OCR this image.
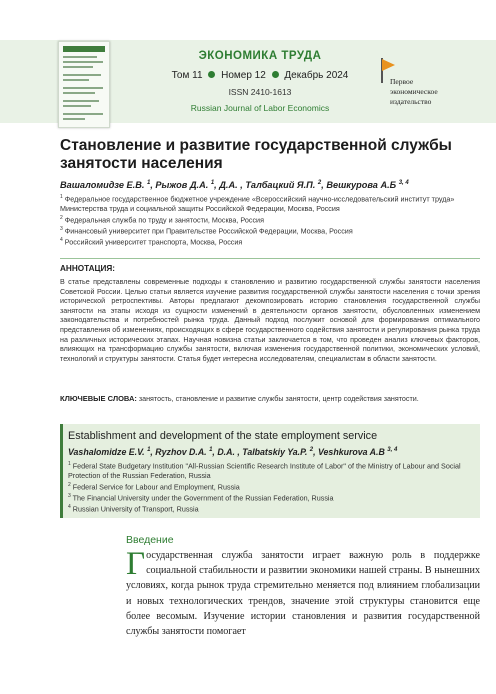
ЭКОНОМИКА ТРУДА
Том 11 Номер 12 Декабрь 2024
ISSN 2410-1613
Russian Journal of Labor Economics
Первое
экономическое
издательство
Становление и развитие государственной службы занятости населения
Вашаломидзе Е.В. $^1$, Рыжов Д.А. $^1$, Д.А. , Талбацкий Я.П. $^2$, Вешкурова А.Б $^{3, 4}$

$^1$ Федеральное государственное бюджетное учреждение «Всероссийский научно-исследовательский институт труда» Министерства труда и социальной защиты Российской Федерации, Москва, Россия

$^2$ Федеральная служба по труду и занятости, Москва, Россия

$^3$ Финансовый университет при Правительстве Российской Федерации, Москва, Россия

$^4$ Российский университет транспорта, Москва, Россия

АННОТАЦИЯ:

В статье представлены современные подходы к становлению и развитию государственной службы занятости населения Советской России. Целью статьи является изучение развития государственной службы занятости населения с точки зрения исторической ретроспективы. Авторы предлагают декомпозировать историю становления государственной службы занятости на этапы исходя из сущности изменений в деятельности органов занятости, обусловленных изменением законодательства и потребностей рынка труда. Данный подход послужит основой для формирования оптимального представления об изменениях, происходящих в сфере государственного содействия занятости и регулирования рынка труда на различных исторических этапах. Научная новизна статьи заключается в том, что проведен анализ ключевых факторов, влияющих на трансформацию службы занятости, включая изменения государственной политики, экономических условий, технологий и структуры занятости. Статья будет интересна исследователям, специалистам в области занятости.

КЛЮЧЕВЫЕ СЛОВА: занятость, становление и развитие службы занятости, центр содействия занятости.
Establishment and development of the state employment service
Vashalomidze E.V. $^1$, Ryzhov D.A. $^1$, D.A. , Talbatskiy Ya.P. $^2$, Veshkurova A.B $^{3, 4}$

$^1$ Federal State Budgetary Institution "All-Russian Scientific Research Institute of Labor" of the Ministry of Labour and Social Protection of the Russian Federation, Russia

$^2$ Federal Service for Labour and Employment, Russia

$^3$ The Financial University under the Government of the Russian Federation, Russia

$^4$ Russian University of Transport, Russia

Введение

Государственная служба занятости играет важную роль в поддержке социальной стабильности и развитии экономики нашей страны. В нынешних условиях, когда рынок труда стремительно меняется под влиянием глобализации и новых технологических трендов, значение этой структуры становится еще более весомым. Изучение истории становления и развития государственной службы занятости помогает
